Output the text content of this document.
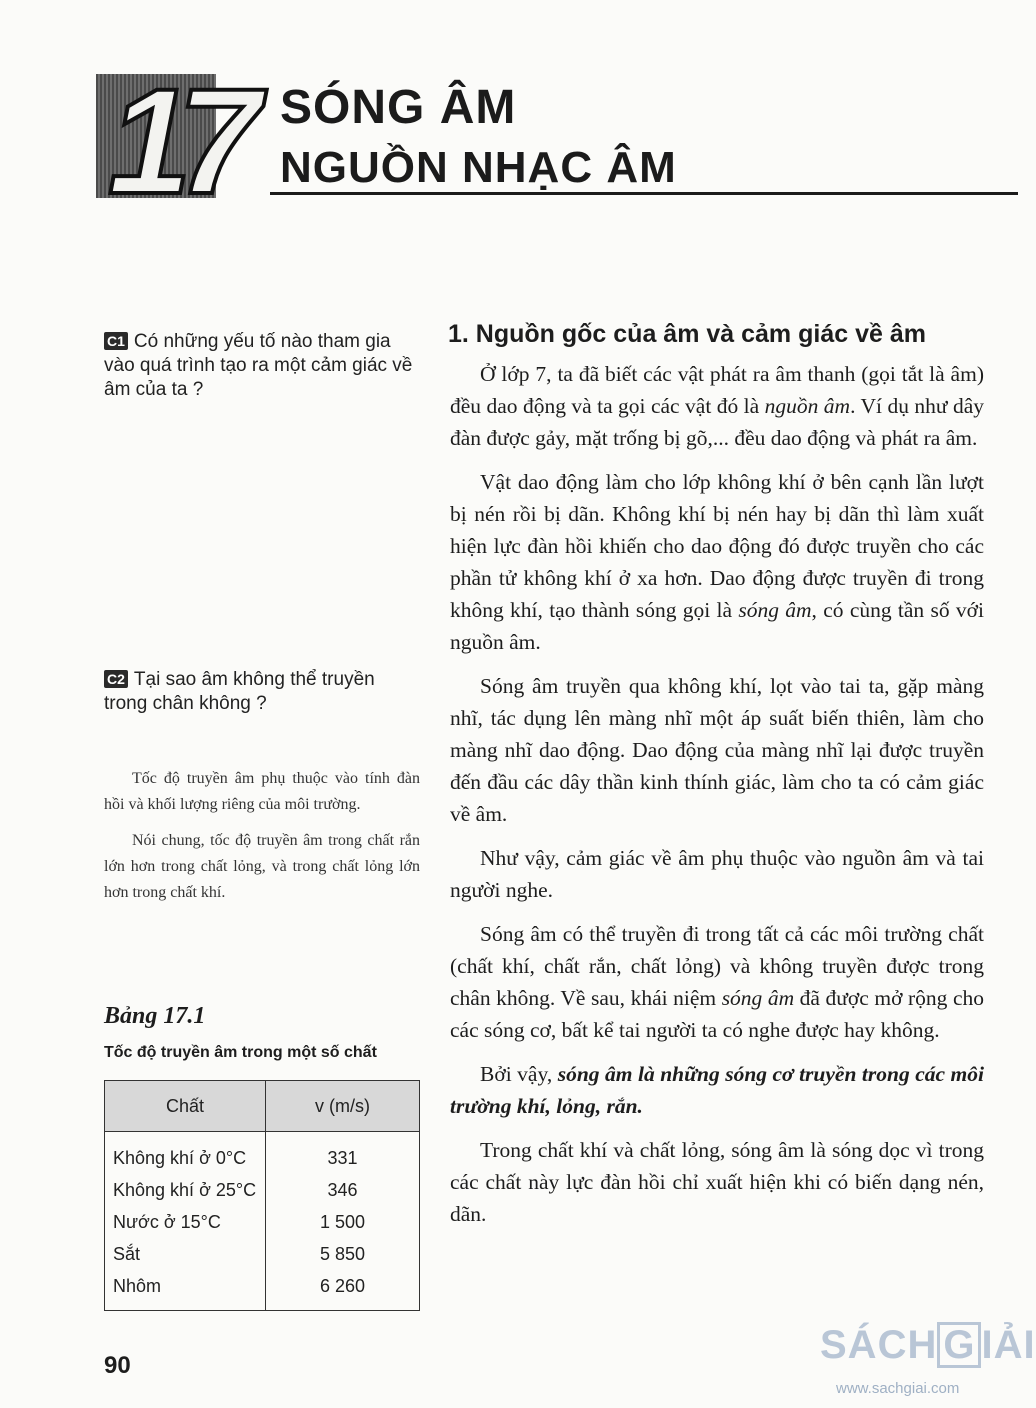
17 SÓNG ÂM
NGUỒN NHẠC ÂM
C1 Có những yếu tố nào tham gia vào quá trình tạo ra một cảm giác về âm của ta ?
C2 Tại sao âm không thể truyền trong chân không ?

Tốc độ truyền âm phụ thuộc vào tính đàn hồi và khối lượng riêng của môi trường.

Nói chung, tốc độ truyền âm trong chất rắn lớn hơn trong chất lỏng, và trong chất lỏng lớn hơn trong chất khí.

Bảng 17.1
Tốc độ truyền âm trong một số chất
Chất	v (m/s)
Không khí ở 0°C	331
Không khí ở 25°C	346
Nước ở 15°C	1 500
Sắt	5 850
Nhôm	6 260
1. Nguồn gốc của âm và cảm giác về âm

Ở lớp 7, ta đã biết các vật phát ra âm thanh (gọi tắt là âm) đều dao động và ta gọi các vật đó là nguồn âm. Ví dụ như dây đàn được gảy, mặt trống bị gõ,... đều dao động và phát ra âm.

Vật dao động làm cho lớp không khí ở bên cạnh lần lượt bị nén rồi bị dãn. Không khí bị nén hay bị dãn thì làm xuất hiện lực đàn hồi khiến cho dao động đó được truyền cho các phần tử không khí ở xa hơn. Dao động được truyền đi trong không khí, tạo thành sóng gọi là sóng âm, có cùng tần số với nguồn âm.

Sóng âm truyền qua không khí, lọt vào tai ta, gặp màng nhĩ, tác dụng lên màng nhĩ một áp suất biến thiên, làm cho màng nhĩ dao động. Dao động của màng nhĩ lại được truyền đến đầu các dây thần kinh thính giác, làm cho ta có cảm giác về âm.

Như vậy, cảm giác về âm phụ thuộc vào nguồn âm và tai người nghe.

Sóng âm có thể truyền đi trong tất cả các môi trường chất (chất khí, chất rắn, chất lỏng) và không truyền được trong chân không. Về sau, khái niệm sóng âm đã được mở rộng cho các sóng cơ, bất kể tai người ta có nghe được hay không.

Bởi vậy, sóng âm là những sóng cơ truyền trong các môi trường khí, lỏng, rắn.

Trong chất khí và chất lỏng, sóng âm là sóng dọc vì trong các chất này lực đàn hồi chỉ xuất hiện khi có biến dạng nén, dãn.

90	SÁCH G IẢI
www.sachgiai.com
